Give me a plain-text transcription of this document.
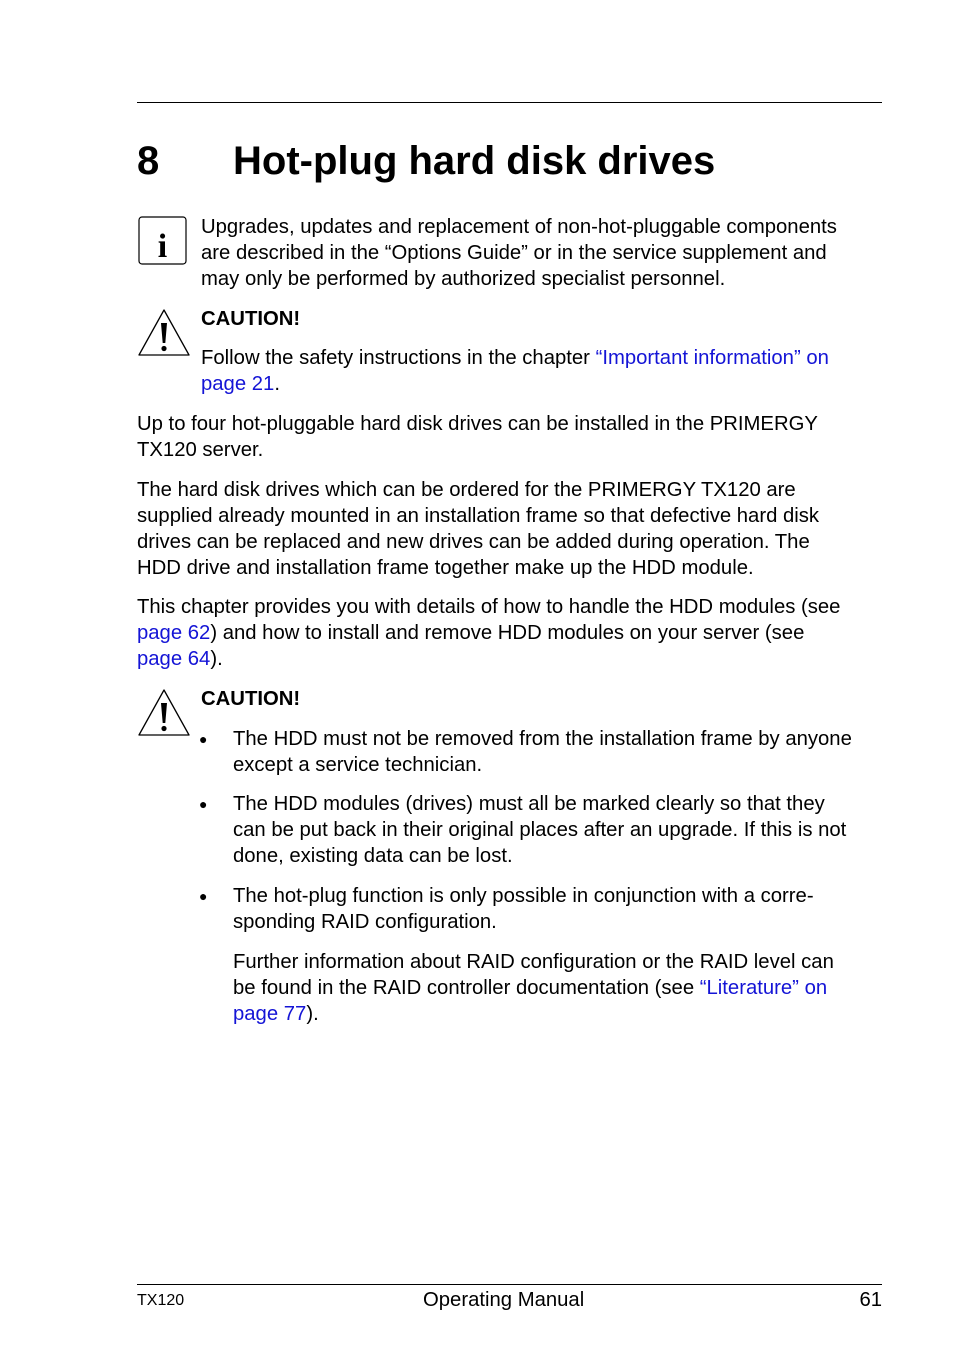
8 Hot-plug hard disk drives
i
Upgrades, updates and replacement of non-hot-pluggable components
are described in the “Options Guide” or in the service supplement and
may only be performed by authorized specialist personnel.
CAUTION!
Follow the safety instructions in the chapter “Important information” on
page 21.
Up to four hot-pluggable hard disk drives can be installed in the PRIMERGY
TX120 server.
The hard disk drives which can be ordered for the PRIMERGY TX120 are
supplied already mounted in an installation frame so that defective hard disk
drives can be replaced and new drives can be added during operation. The
HDD drive and installation frame together make up the HDD module.
This chapter provides you with details of how to handle the HDD modules (see
page 62) and how to install and remove HDD modules on your server (see
page 64).
CAUTION!
● The HDD must not be removed from the installation frame by anyone
except a service technician.
● The HDD modules (drives) must all be marked clearly so that they
can be put back in their original places after an upgrade. If this is not
done, existing data can be lost.
● The hot-plug function is only possible in conjunction with a corre-
sponding RAID configuration.
Further information about RAID configuration or the RAID level can
be found in the RAID controller documentation (see “Literature” on
page 77).
TX120	Operating Manual	61
